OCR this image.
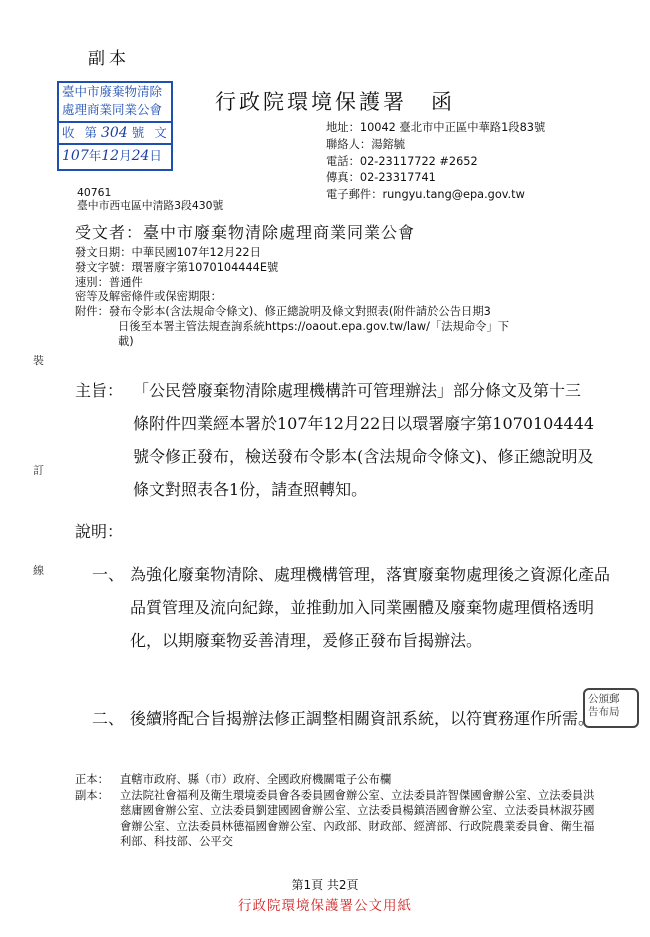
副本
臺中市廢棄物清除
處理商業同業公會
收 第 304 號 文
107年12月24日
行政院環境保護署　函
地址：10042 臺北市中正區中華路1段83號
聯絡人：湯鎔毓
電話：02-23117722 #2652
傳真：02-23317741
電子郵件：rungyu.tang@epa.gov.tw
40761
臺中市西屯區中清路3段430號
受文者：臺中市廢棄物清除處理商業同業公會
發文日期：中華民國107年12月22日
發文字號：環署廢字第1070104444E號
速別：普通件
密等及解密條件或保密期限：
附件：發布令影本(含法規命令條文)、修正總說明及條文對照表(附件請於公告日期3
日後至本署主管法規查詢系統https://oaout.epa.gov.tw/law/「法規命令」下
載)
裝
訂
線
主旨： 「公民營廢棄物清除處理機構許可管理辦法」部分條文及第十三條附件四業經本署於107年12月22日以環署廢字第1070104444號令修正發布，檢送發布令影本(含法規命令條文)、修正總說明及條文對照表各1份，請查照轉知。
說明：
一、 為強化廢棄物清除、處理機構管理，落實廢棄物處理後之資源化產品品質管理及流向紀錄，並推動加入同業團體及廢棄物處理價格透明化，以期廢棄物妥善清理，爰修正發布旨揭辦法。
二、 後續將配合旨揭辦法修正調整相關資訊系統，以符實務運作所需。
公頒郵
告布局
正本： 直轄市政府、縣（市）政府、全國政府機關電子公布欄
副本： 立法院社會福利及衛生環境委員會各委員國會辦公室、立法委員許智傑國會辦公室、立法委員洪慈庸國會辦公室、立法委員劉建國國會辦公室、立法委員楊鎮浯國會辦公室、立法委員林淑芬國會辦公室、立法委員林德福國會辦公室、內政部、財政部、經濟部、行政院農業委員會、衛生福利部、科技部、公平交
第1頁 共2頁
行政院環境保護署公文用紙
